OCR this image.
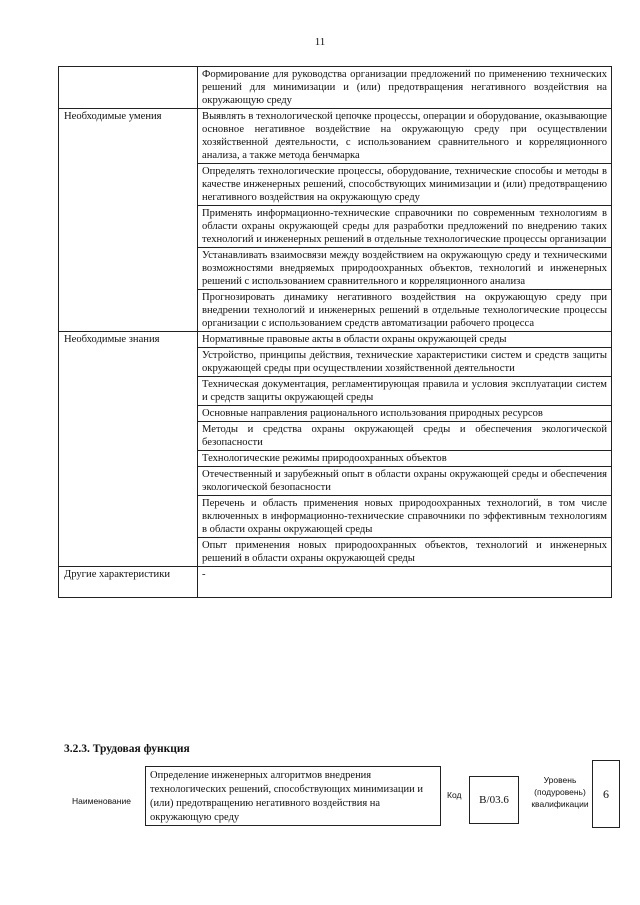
11
	Формирование для руководства организации предложений по применению технических решений для минимизации и (или) предотвращения негативного воздействия на окружающую среду
Необходимые умения	Выявлять в технологической цепочке процессы, операции и оборудование, оказывающие основное негативное воздействие на окружающую среду при осуществлении хозяйственной деятельности, с использованием сравнительного и корреляционного анализа, а также метода бенчмарка
	Определять технологические процессы, оборудование, технические способы и методы в качестве инженерных решений, способствующих минимизации и (или) предотвращению негативного воздействия на окружающую среду
	Применять информационно-технические справочники по современным технологиям в области охраны окружающей среды для разработки предложений по внедрению таких технологий и инженерных решений в отдельные технологические процессы организации
	Устанавливать взаимосвязи между воздействием на окружающую среду и техническими возможностями внедряемых природоохранных объектов, технологий и инженерных решений с использованием сравнительного и корреляционного анализа
	Прогнозировать динамику негативного воздействия на окружающую среду при внедрении технологий и инженерных решений в отдельные технологические процессы организации с использованием средств автоматизации рабочего процесса
Необходимые знания	Нормативные правовые акты в области охраны окружающей среды
	Устройство, принципы действия, технические характеристики систем и средств защиты окружающей среды при осуществлении хозяйственной деятельности
	Техническая документация, регламентирующая правила и условия эксплуатации систем и средств защиты окружающей среды
	Основные направления рационального использования природных ресурсов
	Методы и средства охраны окружающей среды и обеспечения экологической безопасности
	Технологические режимы природоохранных объектов
	Отечественный и зарубежный опыт в области охраны окружающей среды и обеспечения экологической безопасности
	Перечень и область применения новых природоохранных технологий, в том числе включенных в информационно-технические справочники по эффективным технологиям в области охраны окружающей среды
	Опыт применения новых природоохранных объектов, технологий и инженерных решений в области охраны окружающей среды
Другие характеристики	-
3.2.3. Трудовая функция
Наименование
Определение инженерных алгоритмов внедрения технологических решений, способствующих минимизации и (или) предотвращению негативного воздействия на окружающую среду
Код	B/03.6
Уровень (подуровень) квалификации
6
